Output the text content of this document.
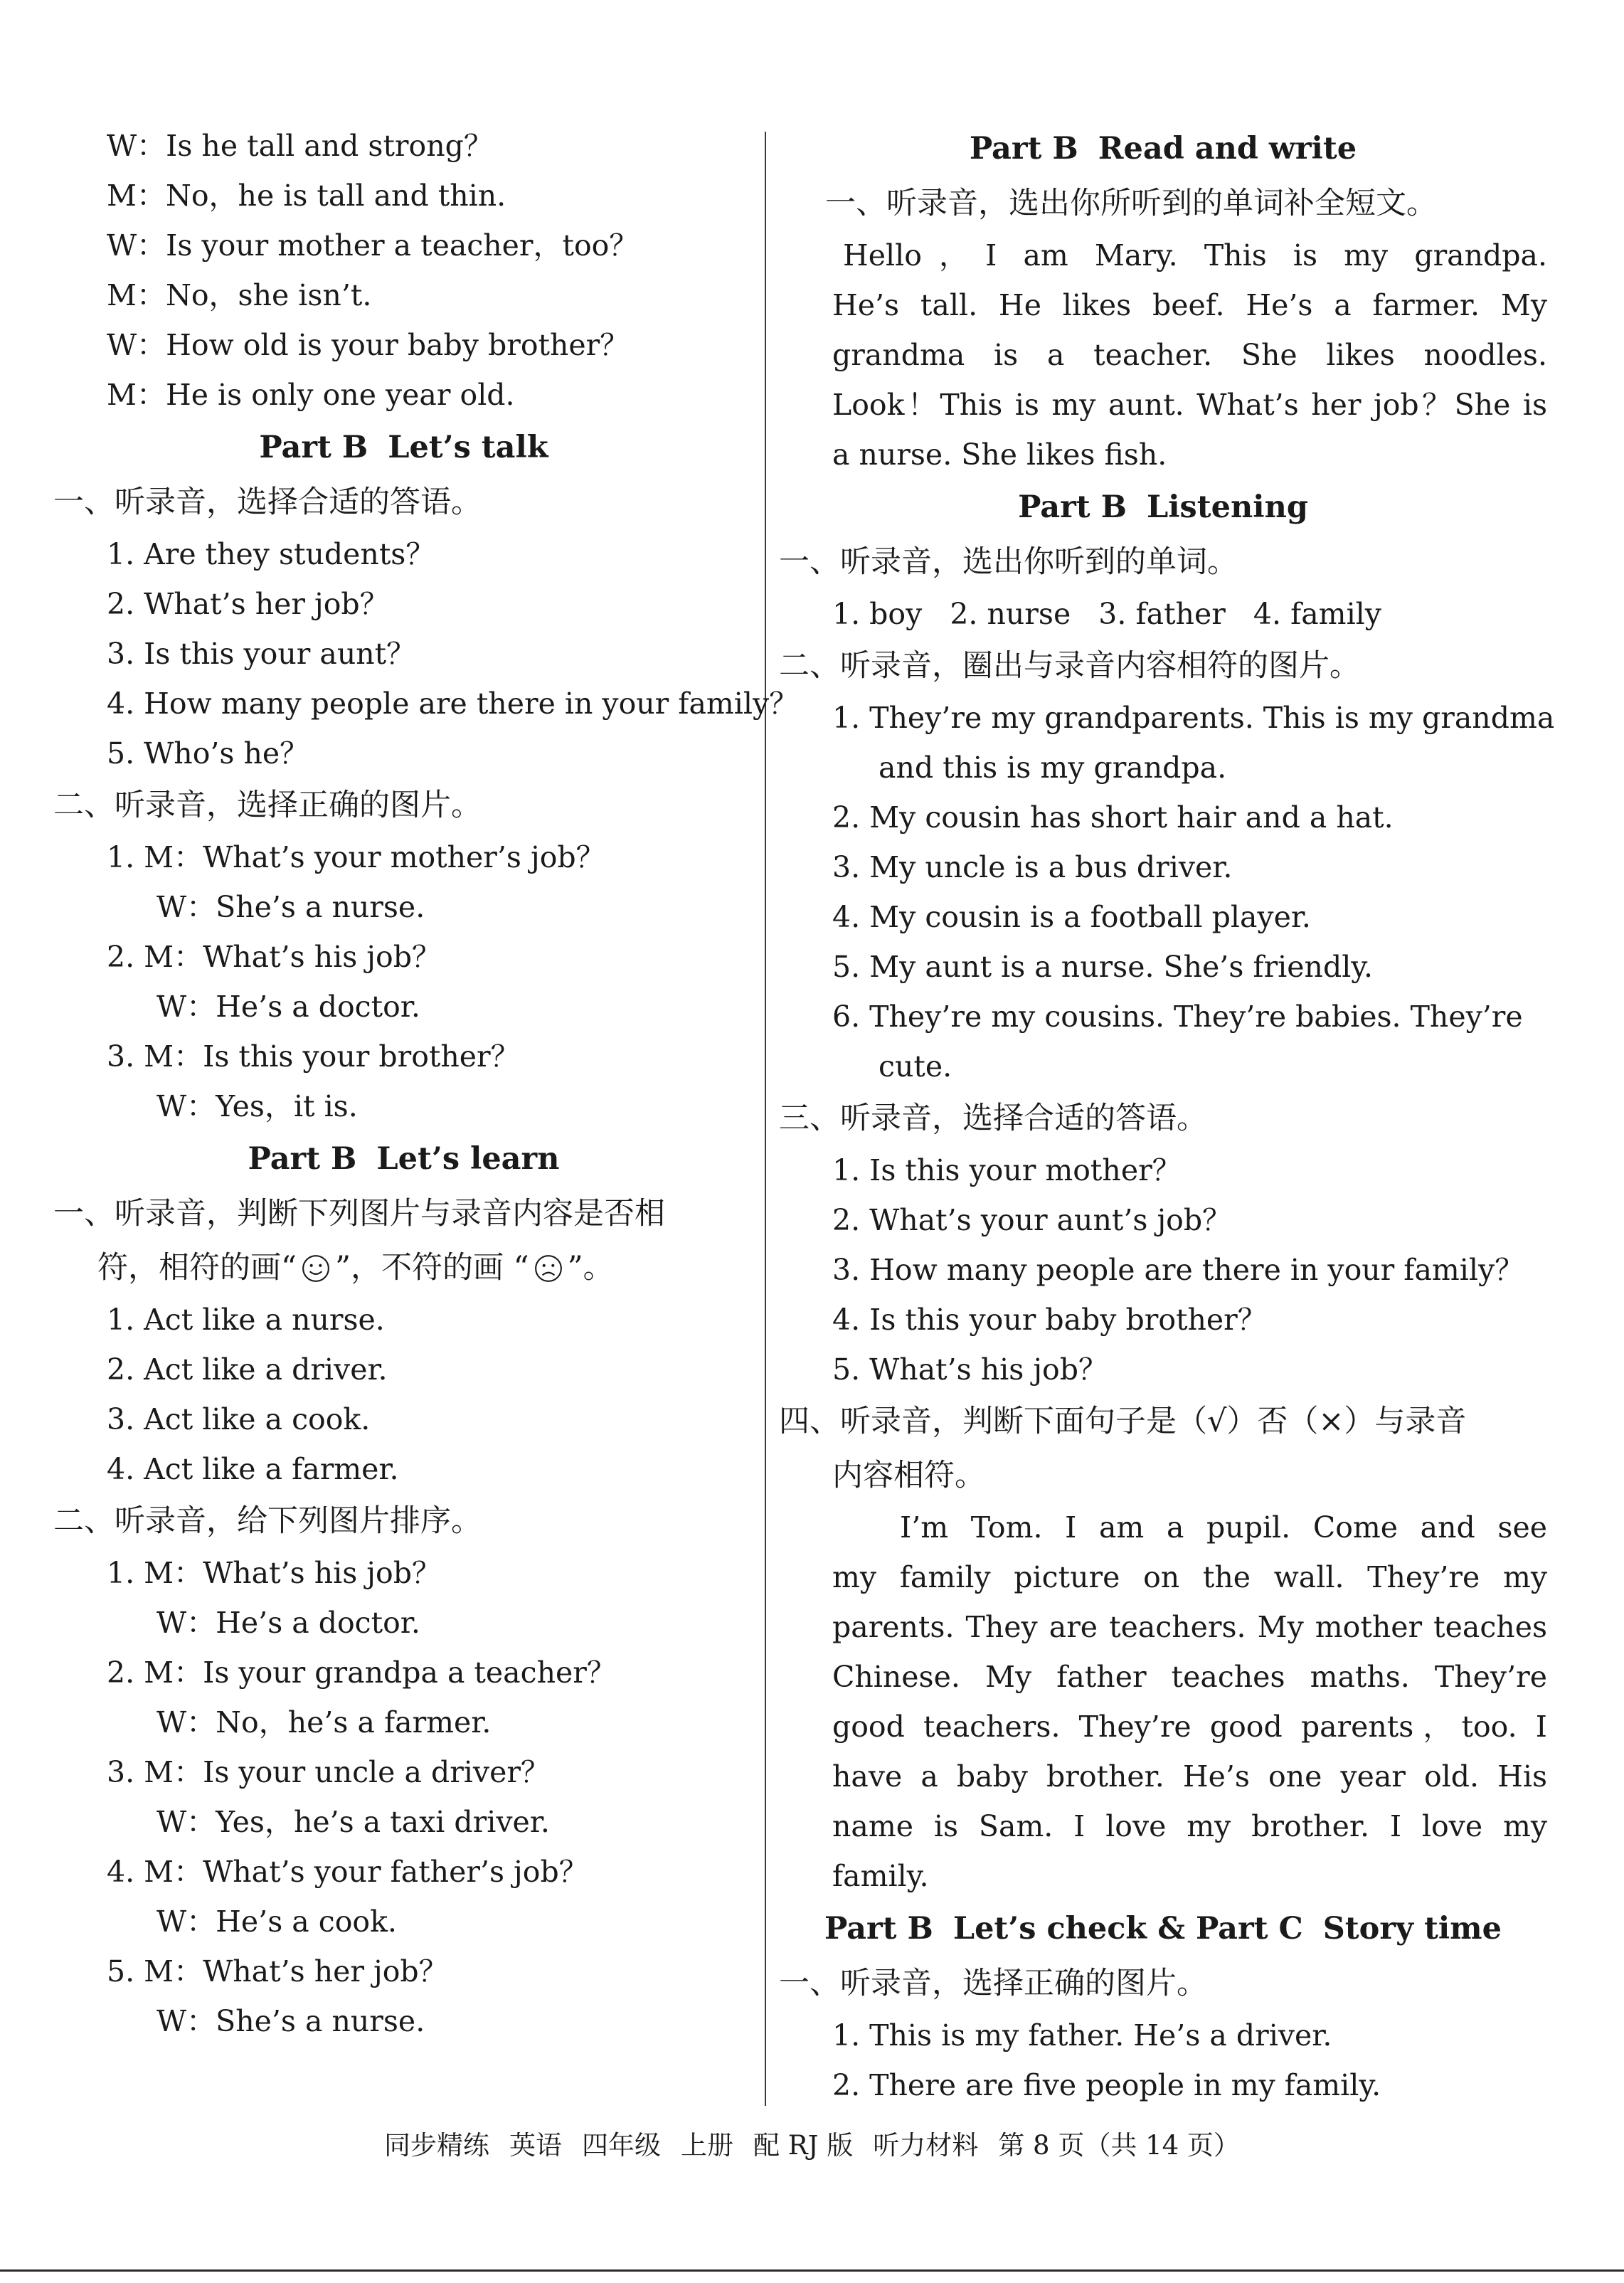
W：Is he tall and strong？
M：No，he is tall and thin.
W：Is your mother a teacher，too？
M：No，she isn’t.
W：How old is your baby brother？
M：He is only one year old.
Part B Let’s talk
一、听录音，选择合适的答语。
1. Are they students？
2. What’s her job？
3. Is this your aunt？
4. How many people are there in your family？
5. Who’s he？
二、听录音，选择正确的图片。
1. M：What’s your mother’s job？
W：She’s a nurse.
2. M：What’s his job？
W：He’s a doctor.
3. M：Is this your brother？
W：Yes，it is.
Part B Let’s learn
一、听录音，判断下列图片与录音内容是否相
符，相符的画“ ”，不符的画 “ ”。
1. Act like a nurse.
2. Act like a driver.
3. Act like a cook.
4. Act like a farmer.
二、听录音，给下列图片排序。
1. M：What’s his job？
W：He’s a doctor.
2. M：Is your grandpa a teacher？
W：No，he’s a farmer.
3. M：Is your uncle a driver？
W：Yes，he’s a taxi driver.
4. M：What’s your father’s job？
W：He’s a cook.
5. M：What’s her job？
W：She’s a nurse.
Part B Read and write
一、听录音，选出你所听到的单词补全短文。
Hello，I am Mary. This is my grandpa.
He’s tall. He likes beef. He’s a farmer. My
grandma is a teacher. She likes noodles.
Look！This is my aunt. What’s her job？She is
a nurse. She likes fish.
Part B Listening
一、听录音，选出你听到的单词。
1. boy   2. nurse   3. father   4. family
二、听录音，圈出与录音内容相符的图片。
1. They’re my grandparents. This is my grandma
and this is my grandpa.
2. My cousin has short hair and a hat.
3. My uncle is a bus driver.
4. My cousin is a football player.
5. My aunt is a nurse. She’s friendly.
6. They’re my cousins. They’re babies. They’re
cute.
三、听录音，选择合适的答语。
1. Is this your mother？
2. What’s your aunt’s job？
3. How many people are there in your family？
4. Is this your baby brother？
5. What’s his job？
四、听录音，判断下面句子是（√）否（×）与录音
内容相符。
I’m Tom. I am a pupil. Come and see
my family picture on the wall. They’re my
parents. They are teachers. My mother teaches
Chinese. My father teaches maths. They’re
good teachers. They’re good parents，too. I
have a baby brother. He’s one year old. His
name is Sam. I love my brother. I love my
family.
Part B Let’s check & Part C Story time
一、听录音，选择正确的图片。
1. This is my father. He’s a driver.
2. There are five people in my family.
同步精练 英语 四年级 上册 配 RJ 版 听力材料 第 8 页（共 14 页）
